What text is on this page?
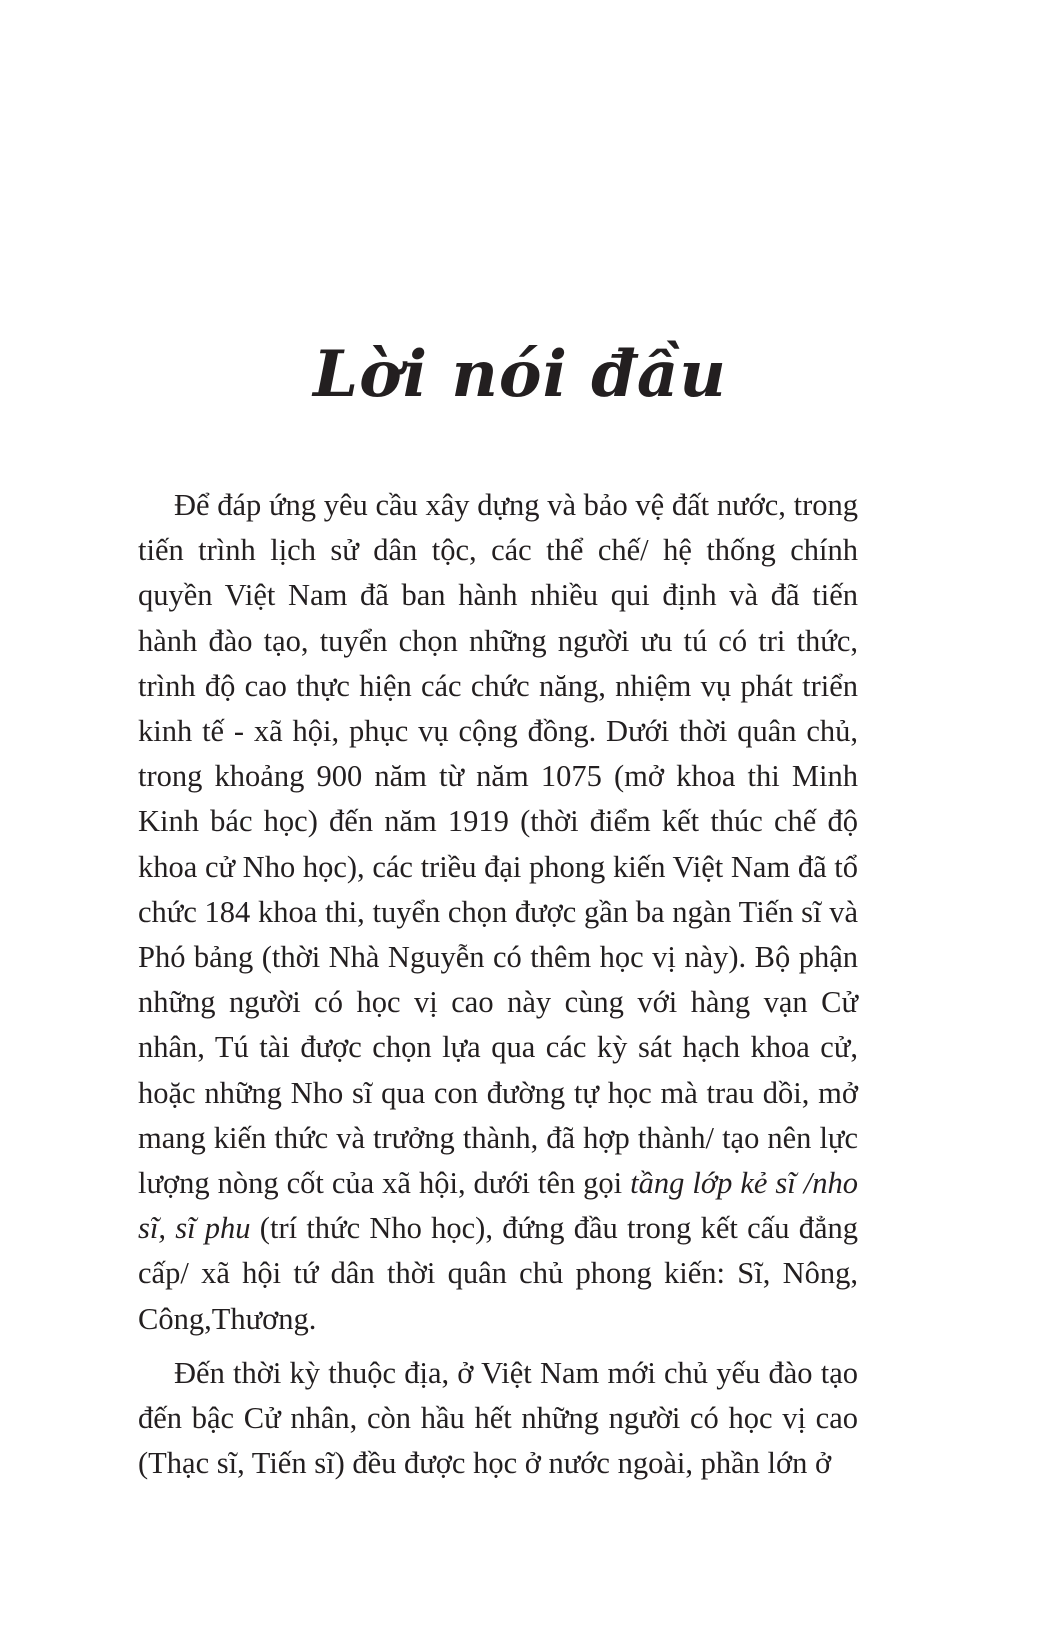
Lời nói đầu

Để đáp ứng yêu cầu xây dựng và bảo vệ đất nước, trong tiến trình lịch sử dân tộc, các thể chế/ hệ thống chính quyền Việt Nam đã ban hành nhiều qui định và đã tiến hành đào tạo, tuyển chọn những người ưu tú có tri thức, trình độ cao thực hiện các chức năng, nhiệm vụ phát triển kinh tế - xã hội, phục vụ cộng đồng. Dưới thời quân chủ, trong khoảng 900 năm từ năm 1075 (mở khoa thi Minh Kinh bác học) đến năm 1919 (thời điểm kết thúc chế độ khoa cử Nho học), các triều đại phong kiến Việt Nam đã tổ chức 184 khoa thi, tuyển chọn được gần ba ngàn Tiến sĩ và Phó bảng (thời Nhà Nguyễn có thêm học vị này). Bộ phận những người có học vị cao này cùng với hàng vạn Cử nhân, Tú tài được chọn lựa qua các kỳ sát hạch khoa cử, hoặc những Nho sĩ qua con đường tự học mà trau dồi, mở mang kiến thức và trưởng thành, đã hợp thành/ tạo nên lực lượng nòng cốt của xã hội, dưới tên gọi tầng lớp kẻ sĩ /nho sĩ, sĩ phu (trí thức Nho học), đứng đầu trong kết cấu đẳng cấp/ xã hội tứ dân thời quân chủ phong kiến: Sĩ, Nông, Công,Thương.

Đến thời kỳ thuộc địa, ở Việt Nam mới chủ yếu đào tạo đến bậc Cử nhân, còn hầu hết những người có học vị cao (Thạc sĩ, Tiến sĩ) đều được học ở nước ngoài, phần lớn ở
